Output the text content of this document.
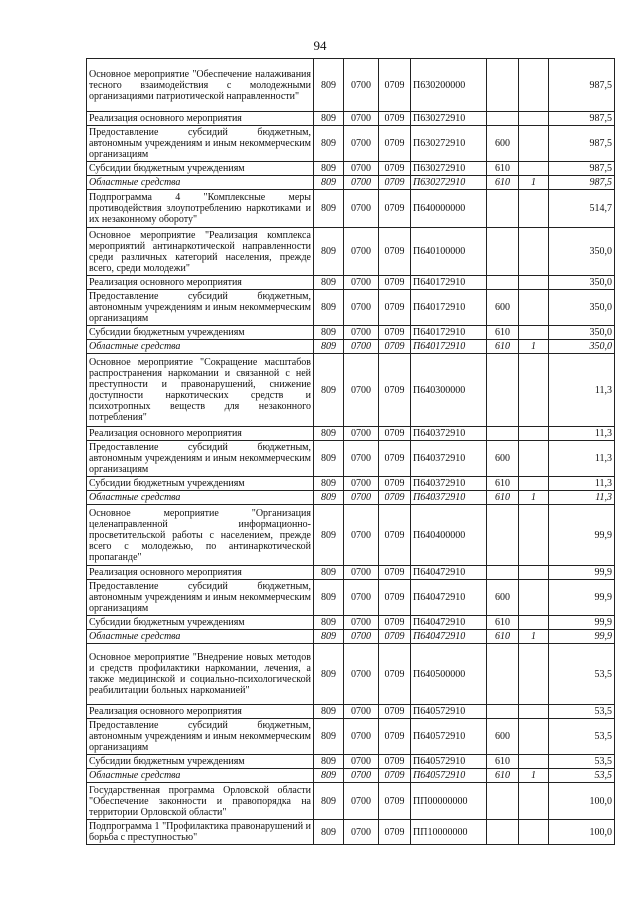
94
Основное мероприятие "Обеспечение налаживания тесного взаимодействия с молодежными организациями патриотической направленности"	809	0700	0709	П630200000			987,5
Реализация основного мероприятия	809	0700	0709	П630272910			987,5
Предоставление субсидий бюджетным, автономным учреждениям и иным некоммерческим организациям	809	0700	0709	П630272910	600		987,5
Субсидии бюджетным учреждениям	809	0700	0709	П630272910	610		987,5
Областные средства	809	0700	0709	П630272910	610	1	987,5
Подпрограмма 4 "Комплексные меры противодействия злоупотреблению наркотиками и их незаконному обороту"	809	0700	0709	П640000000			514,7
Основное мероприятие "Реализация комплекса мероприятий антинаркотической направленности среди различных категорий населения, прежде всего, среди молодежи"	809	0700	0709	П640100000			350,0
Реализация основного мероприятия	809	0700	0709	П640172910			350,0
Предоставление субсидий бюджетным, автономным учреждениям и иным некоммерческим организациям	809	0700	0709	П640172910	600		350,0
Субсидии бюджетным учреждениям	809	0700	0709	П640172910	610		350,0
Областные средства	809	0700	0709	П640172910	610	1	350,0
Основное мероприятие "Сокращение масштабов распространения наркомании и связанной с ней преступности и правонарушений, снижение доступности наркотических средств и психотропных веществ для незаконного потребления"	809	0700	0709	П640300000			11,3
Реализация основного мероприятия	809	0700	0709	П640372910			11,3
Предоставление субсидий бюджетным, автономным учреждениям и иным некоммерческим организациям	809	0700	0709	П640372910	600		11,3
Субсидии бюджетным учреждениям	809	0700	0709	П640372910	610		11,3
Областные средства	809	0700	0709	П640372910	610	1	11,3
Основное мероприятие "Организация целенаправленной информационно-просветительской работы с населением, прежде всего с молодежью, по антинаркотической пропаганде"	809	0700	0709	П640400000			99,9
Реализация основного мероприятия	809	0700	0709	П640472910			99,9
Предоставление субсидий бюджетным, автономным учреждениям и иным некоммерческим организациям	809	0700	0709	П640472910	600		99,9
Субсидии бюджетным учреждениям	809	0700	0709	П640472910	610		99,9
Областные средства	809	0700	0709	П640472910	610	1	99,9
Основное мероприятие "Внедрение новых методов и средств профилактики наркомании, лечения, а также медицинской и социально-психологической реабилитации больных наркоманией"	809	0700	0709	П640500000			53,5
Реализация основного мероприятия	809	0700	0709	П640572910			53,5
Предоставление субсидий бюджетным, автономным учреждениям и иным некоммерческим организациям	809	0700	0709	П640572910	600		53,5
Субсидии бюджетным учреждениям	809	0700	0709	П640572910	610		53,5
Областные средства	809	0700	0709	П640572910	610	1	53,5
Государственная программа Орловской области "Обеспечение законности и правопорядка на территории Орловской области"	809	0700	0709	ПП00000000			100,0
Подпрограмма 1 "Профилактика правонарушений и борьба с преступностью"	809	0700	0709	ПП10000000			100,0
